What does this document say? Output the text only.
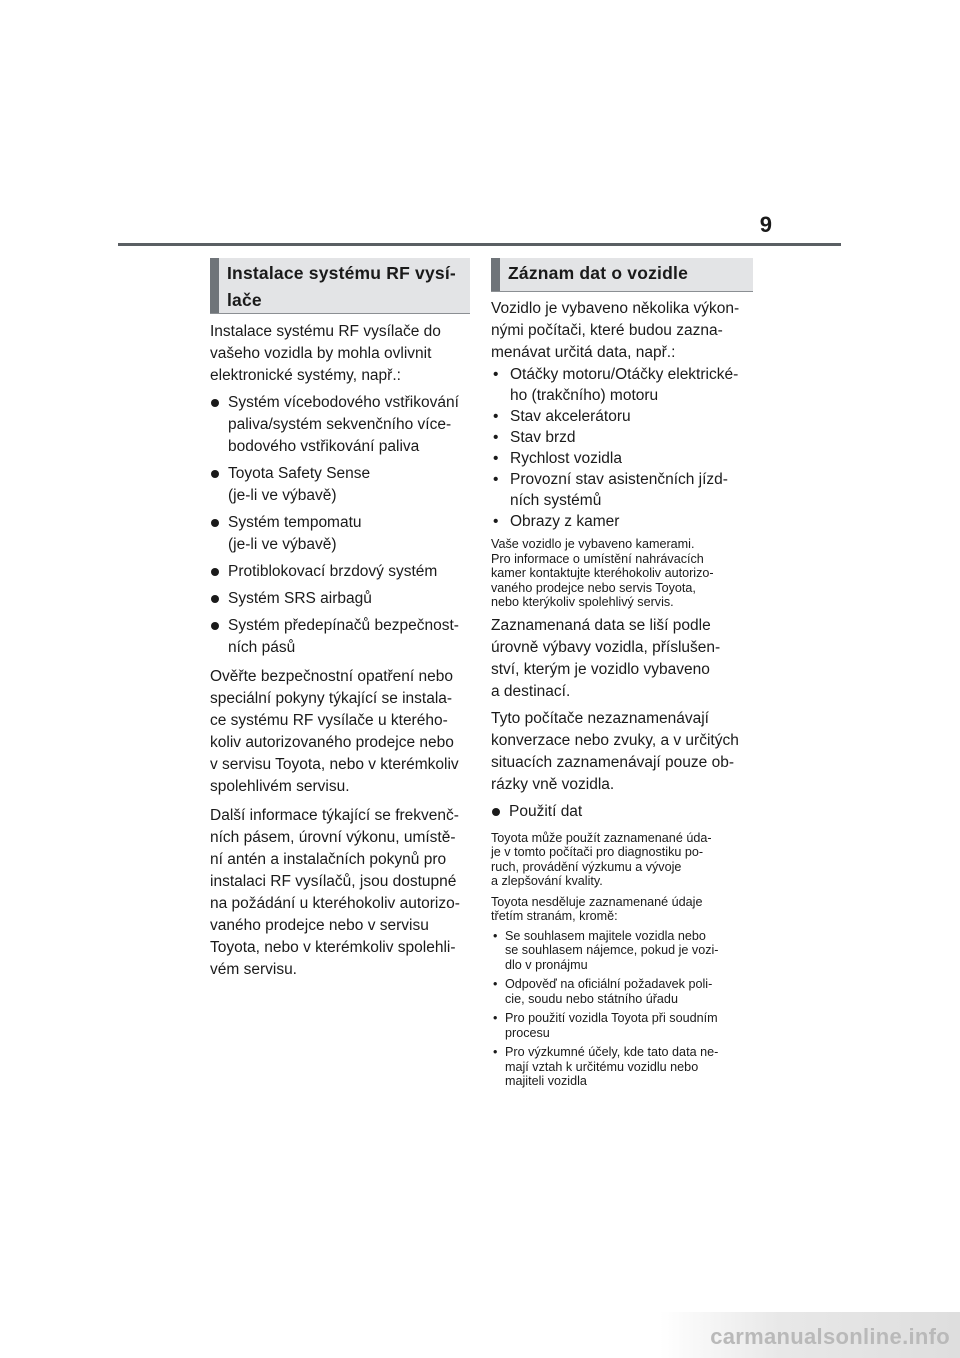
9
Instalace systému RF vysí-
lače
Instalace systému RF vysílače do
vašeho vozidla by mohla ovlivnit
elektronické systémy, např.:
Systém vícebodového vstřikování
paliva/systém sekvenčního více-
bodového vstřikování paliva
Toyota Safety Sense
(je-li ve výbavě)
Systém tempomatu
(je-li ve výbavě)
Protiblokovací brzdový systém
Systém SRS airbagů
Systém předepínačů bezpečnost-
ních pásů
Ověřte bezpečnostní opatření nebo
speciální pokyny týkající se instala-
ce systému RF vysílače u kterého-
koliv autorizovaného prodejce nebo
v servisu Toyota, nebo v kterémkoliv
spolehlivém servisu.
Další informace týkající se frekvenč-
ních pásem, úrovní výkonu, umístě-
ní antén a instalačních pokynů pro
instalaci RF vysílačů, jsou dostupné
na požádání u kteréhokoliv autorizo-
vaného prodejce nebo v servisu
Toyota, nebo v kterémkoliv spolehli-
vém servisu.
Záznam dat o vozidle
Vozidlo je vybaveno několika výkon-
nými počítači, které budou zazna-
menávat určitá data, např.:
• Otáčky motoru/Otáčky elektrické-
ho (trakčního) motoru
• Stav akcelerátoru
• Stav brzd
• Rychlost vozidla
• Provozní stav asistenčních jízd-
ních systémů
• Obrazy z kamer
Vaše vozidlo je vybaveno kamerami.
Pro informace o umístění nahrávacích
kamer kontaktujte kteréhokoliv autorizo-
vaného prodejce nebo servis Toyota,
nebo kterýkoliv spolehlivý servis.
Zaznamenaná data se liší podle
úrovně výbavy vozidla, příslušen-
ství, kterým je vozidlo vybaveno
a destinací.
Tyto počítače nezaznamenávají
konverzace nebo zvuky, a v určitých
situacích zaznamenávají pouze ob-
rázky vně vozidla.
Použití dat
Toyota může použít zaznamenané úda-
je v tomto počítači pro diagnostiku po-
ruch, provádění výzkumu a vývoje
a zlepšování kvality.
Toyota nesděluje zaznamenané údaje
třetím stranám, kromě:
• Se souhlasem majitele vozidla nebo
se souhlasem nájemce, pokud je vozi-
dlo v pronájmu
• Odpověď na oficiální požadavek poli-
cie, soudu nebo státního úřadu
• Pro použití vozidla Toyota při soudním
procesu
• Pro výzkumné účely, kde tato data ne-
mají vztah k určitému vozidlu nebo
majiteli vozidla
carmanualsonline.info
